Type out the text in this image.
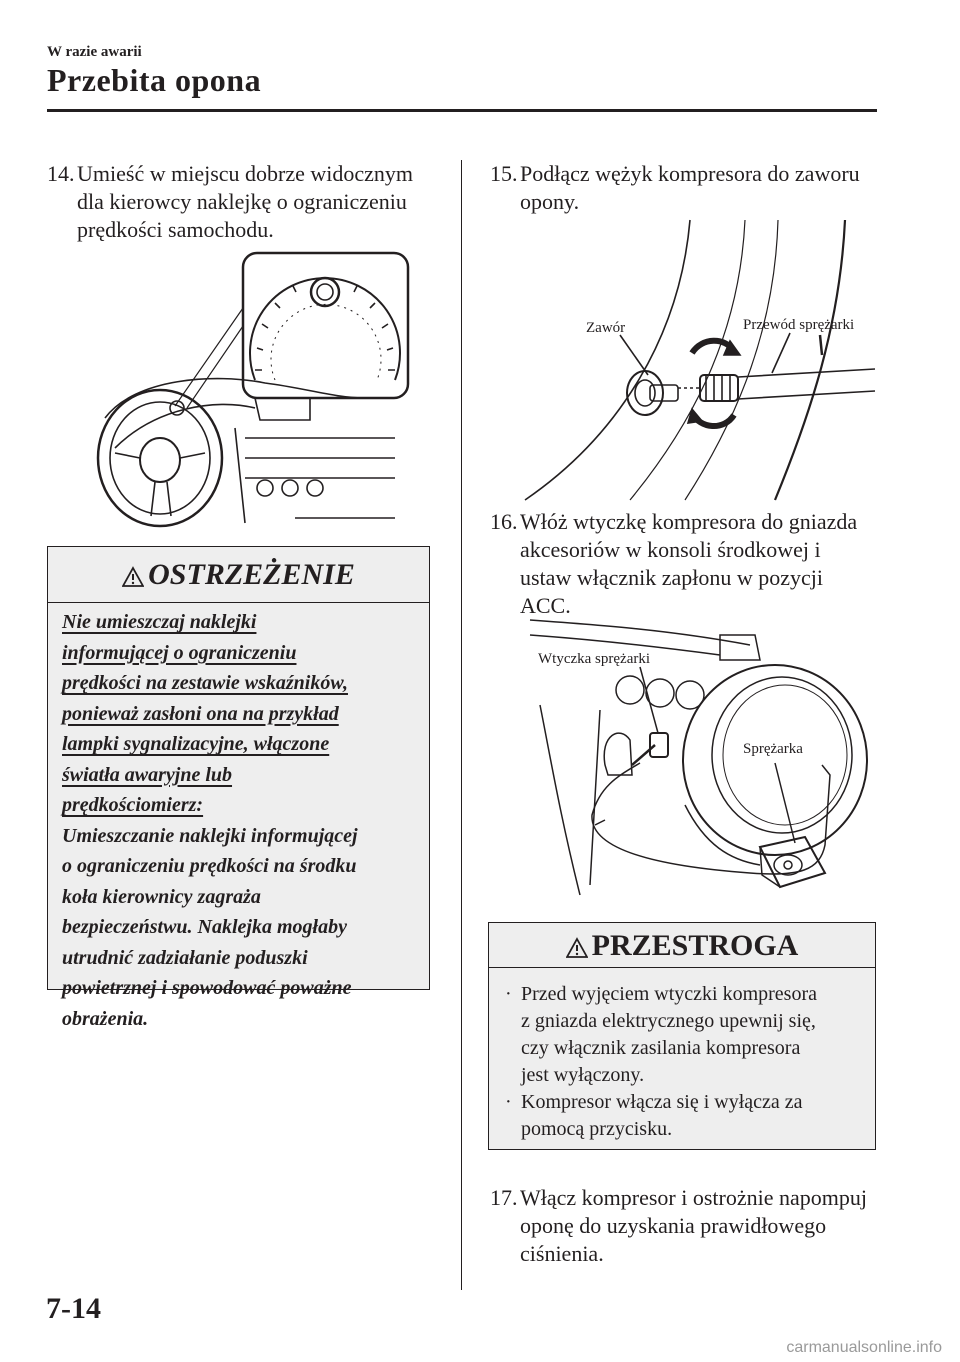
W razie awarii
Przebita opona
14. Umieść w miejscu dobrze widocznym
dla kierowcy naklejkę o ograniczeniu
prędkości samochodu.
OSTRZEŻENIE
Nie umieszczaj naklejki
informującej o ograniczeniu
prędkości na zestawie wskaźników,
ponieważ zasłoni ona na przykład
lampki sygnalizacyjne, włączone
światła awaryjne lub
prędkościomierz:
Umieszczanie naklejki informującej
o ograniczeniu prędkości na środku
koła kierownicy zagraża
bezpieczeństwu. Naklejka mogłaby
utrudnić zadziałanie poduszki
powietrznej i spowodować poważne
obrażenia.
15. Podłącz wężyk kompresora do zaworu
opony.
Zawór	Przewód sprężarki
16. Włóż wtyczkę kompresora do gniazda
akcesoriów w konsoli środkowej i
ustaw włącznik zapłonu w pozycji
ACC.
Wtyczka sprężarki
Sprężarka
PRZESTROGA
· Przed wyjęciem wtyczki kompresora
z gniazda elektrycznego upewnij się,
czy włącznik zasilania kompresora
jest wyłączony.
· Kompresor włącza się i wyłącza za
pomocą przycisku.
17. Włącz kompresor i ostrożnie napompuj
oponę do uzyskania prawidłowego
ciśnienia.
7-14
carmanualsonline.info
